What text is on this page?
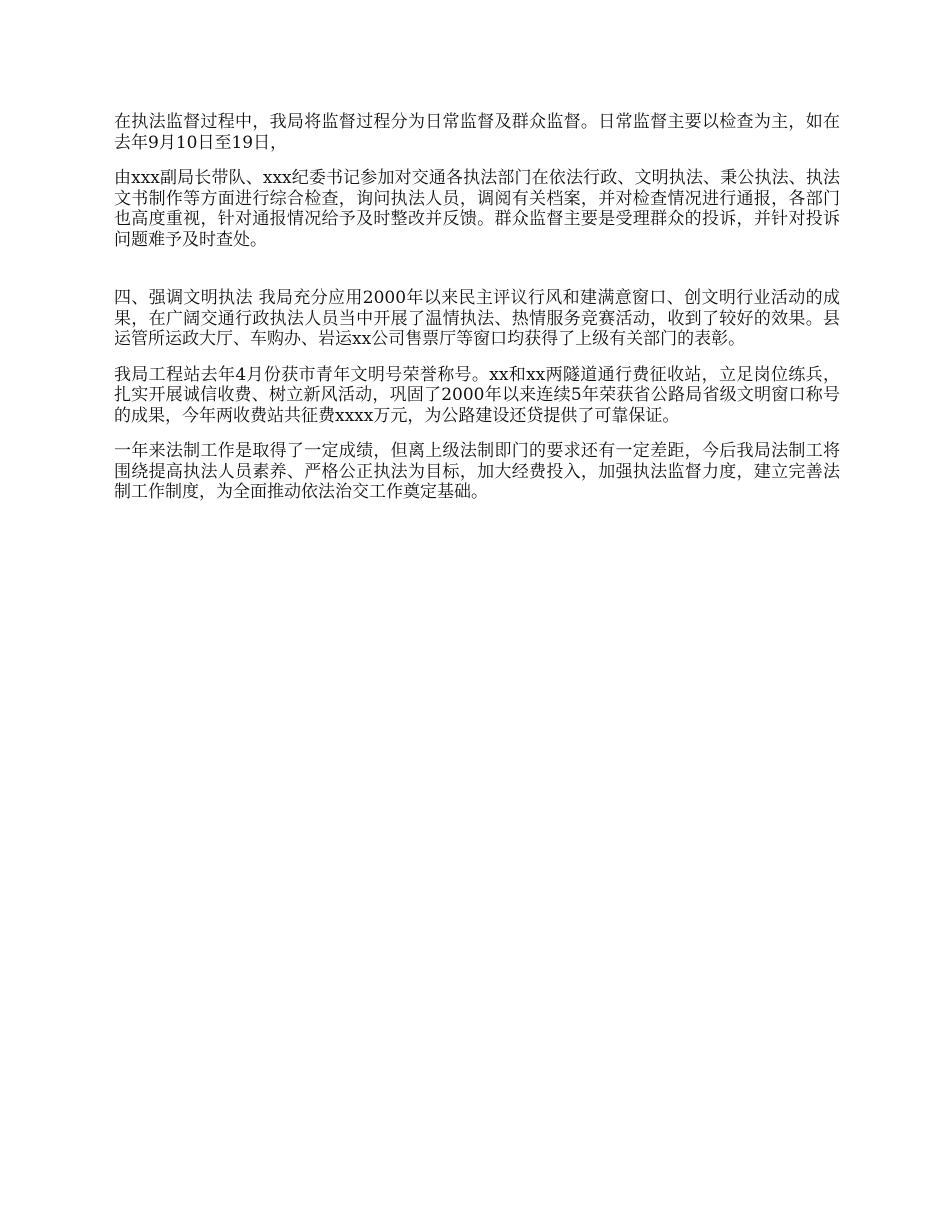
在执法监督过程中，我局将监督过程分为日常监督及群众监督。日常监督主要以检查为主，如在去年9月10日至19日，

由xxx副局长带队、xxx纪委书记参加对交通各执法部门在依法行政、文明执法、秉公执法、执法文书制作等方面进行综合检查，询问执法人员，调阅有关档案，并对检查情况进行通报，各部门也高度重视，针对通报情况给予及时整改并反馈。群众监督主要是受理群众的投诉，并针对投诉问题难予及时查处。

四、强调文明执法 我局充分应用2000年以来民主评议行风和建满意窗口、创文明行业活动的成果，在广阔交通行政执法人员当中开展了温情执法、热情服务竞赛活动，收到了较好的效果。县运管所运政大厅、车购办、岩运xx公司售票厅等窗口均获得了上级有关部门的表彰。

我局工程站去年4月份获市青年文明号荣誉称号。xx和xx两隧道通行费征收站，立足岗位练兵，扎实开展诚信收费、树立新风活动，巩固了2000年以来连续5年荣获省公路局省级文明窗口称号的成果，今年两收费站共征费xxxx万元，为公路建设还贷提供了可靠保证。

一年来法制工作是取得了一定成绩，但离上级法制即门的要求还有一定差距，今后我局法制工将围绕提高执法人员素养、严格公正执法为目标，加大经费投入，加强执法监督力度，建立完善法制工作制度，为全面推动依法治交工作奠定基础。
